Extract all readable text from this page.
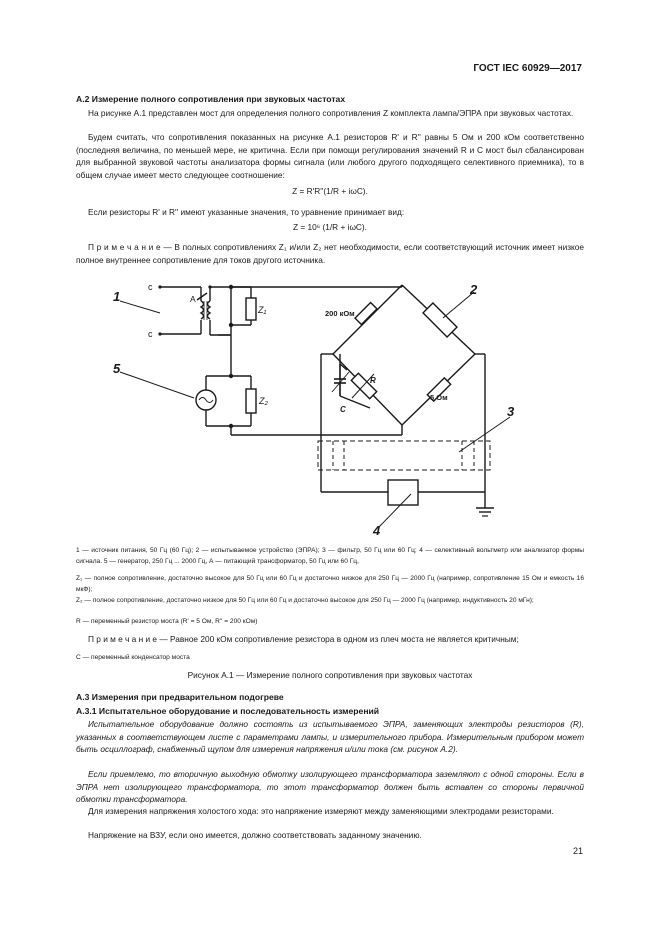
ГОСТ IEC 60929—2017
А.2 Измерение полного сопротивления при звуковых частотах
На рисунке А.1 представлен мост для определения полного сопротивления Z комплекта лампа/ЭПРА при звуковых частотах.
Будем считать, что сопротивления показанных на рисунке А.1 резисторов R' и R'' равны 5 Ом и 200 кОм соответственно (последняя величина, по меньшей мере, не критична. Если при помощи регулирования значений R и С мост был сбалансирован для выбранной звуковой частоты анализатора формы сигнала (или любого другого подходящего селективного приемника), то в общем случае имеет место следующее соотношение:
Z = R'R''(1/R + iωC).
Если резисторы R' и R'' имеют указанные значения, то уравнение принимает вид:
Z = 10⁶ (1/R + iωC).
П р и м е ч а н и е — В полных сопротивлениях Z₁ и/или Z₂ нет необходимости, если соответствующий источник имеет низкое полное внутреннее сопротивление для токов другого источника.
1	2
3
4
5
c
c
A
Z₁
Z₂
200 кОм
5 Ом
R
C
1 — источник питания, 50 Гц (60 Гц); 2 — испытываемое устройство (ЭПРА); 3 — фильтр, 50 Гц или 60 Гц; 4 — селективный вольтметр или анализатор формы сигнала. 5 — генератор, 250 Гц ... 2000 Гц, А — питающий трансформатор, 50 Гц или 60 Гц,
Z₁ — полное сопротивление, достаточно высокое для 50 Гц или 60 Гц и достаточно низкое для 250 Гц — 2000 Гц (например, сопротивление 15 Ом и емкость 16 мкФ);
Z₂ — полное сопротивление, достаточно низкое для 50 Гц или 60 Гц и достаточно высокое для 250 Гц — 2000 Гц (например, индуктивность 20 мГн);
R — переменный резистор моста (R' = 5 Ом, R'' = 200 кОм)
П р и м е ч а н и е — Равное 200 кОм сопротивление резистора в одном из плеч моста не является критичным;
С — переменный конденсатор моста
Рисунок А.1 — Измерение полного сопротивления при звуковых частотах
А.3 Измерения при предварительном подогреве
А.3.1 Испытательное оборудование и последовательность измерений
Испытательное оборудование должно состоять из испытываемого ЭПРА, заменяющих электроды резисторов (R), указанных в соответствующем листе с параметрами лампы, и измерительного прибора. Измерительным прибором может быть осциллограф, снабженный щупом для измерения напряжения и/или тока (см. рисунок А.2).
Если приемлемо, то вторичную выходную обмотку изолирующего трансформатора заземляют с одной стороны. Если в ЭПРА нет изолирующего трансформатора, то этот трансформатор должен быть вставлен со стороны первичной обмотки трансформатора.
Для измерения напряжения холостого хода: это напряжение измеряют между заменяющими электродами резисторами.
Напряжение на ВЗУ, если оно имеется, должно соответствовать заданному значению.
21
